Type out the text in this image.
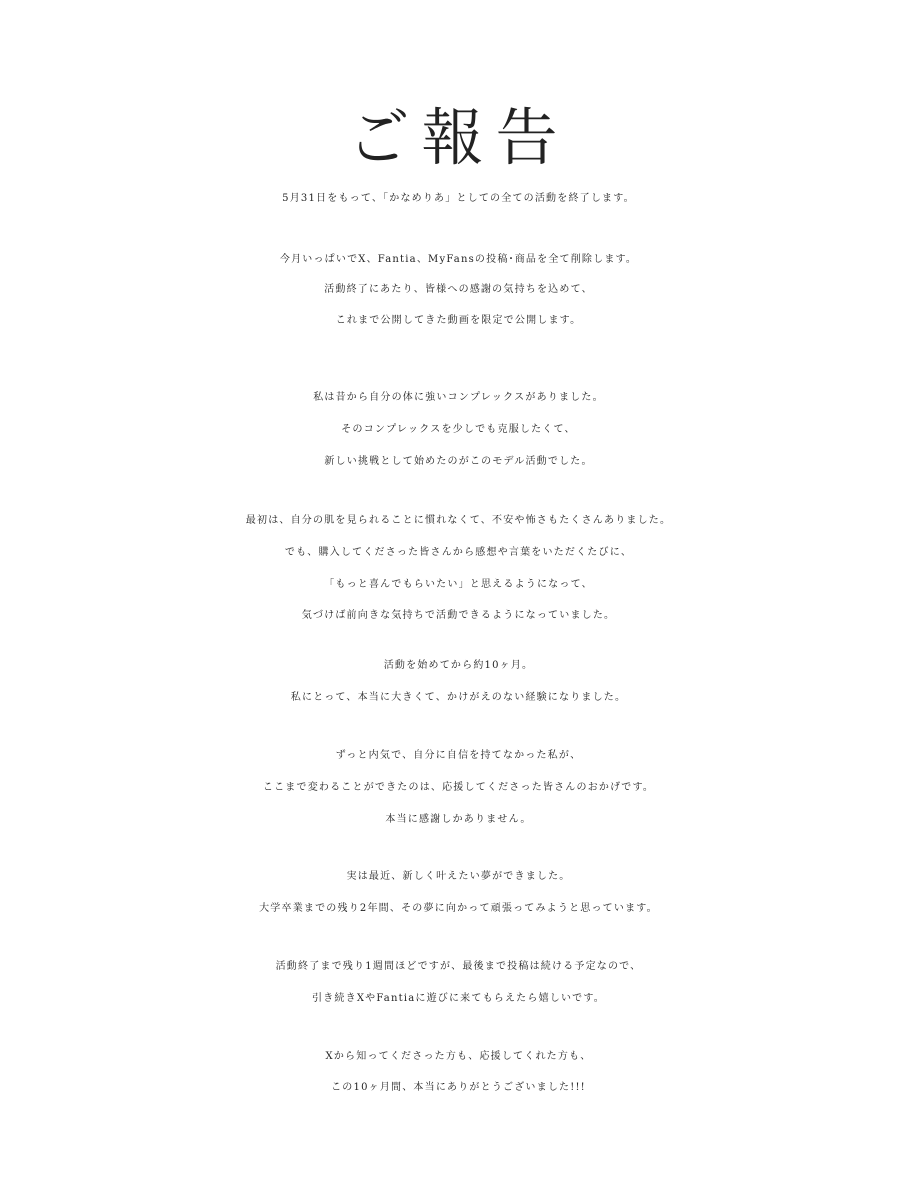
ご報告

5月31日をもって、「かなめりあ」としての全ての活動を終了します。

今月いっぱいでX、Fantia、MyFansの投稿･商品を全て削除します。

活動終了にあたり、皆様への感謝の気持ちを込めて、

これまで公開してきた動画を限定で公開します。

私は昔から自分の体に強いコンプレックスがありました。

そのコンプレックスを少しでも克服したくて、

新しい挑戦として始めたのがこのモデル活動でした。

最初は、自分の肌を見られることに慣れなくて、不安や怖さもたくさんありました。

でも、購入してくださった皆さんから感想や言葉をいただくたびに、

「もっと喜んでもらいたい」と思えるようになって、

気づけば前向きな気持ちで活動できるようになっていました。

活動を始めてから約10ヶ月。

私にとって、本当に大きくて、かけがえのない経験になりました。

ずっと内気で、自分に自信を持てなかった私が、

ここまで変わることができたのは、応援してくださった皆さんのおかげです。

本当に感謝しかありません。

実は最近、新しく叶えたい夢ができました。

大学卒業までの残り2年間、その夢に向かって頑張ってみようと思っています。

活動終了まで残り1週間ほどですが、最後まで投稿は続ける予定なので、

引き続きXやFantiaに遊びに来てもらえたら嬉しいです。

Xから知ってくださった方も、応援してくれた方も、

この10ヶ月間、本当にありがとうございました!!!
